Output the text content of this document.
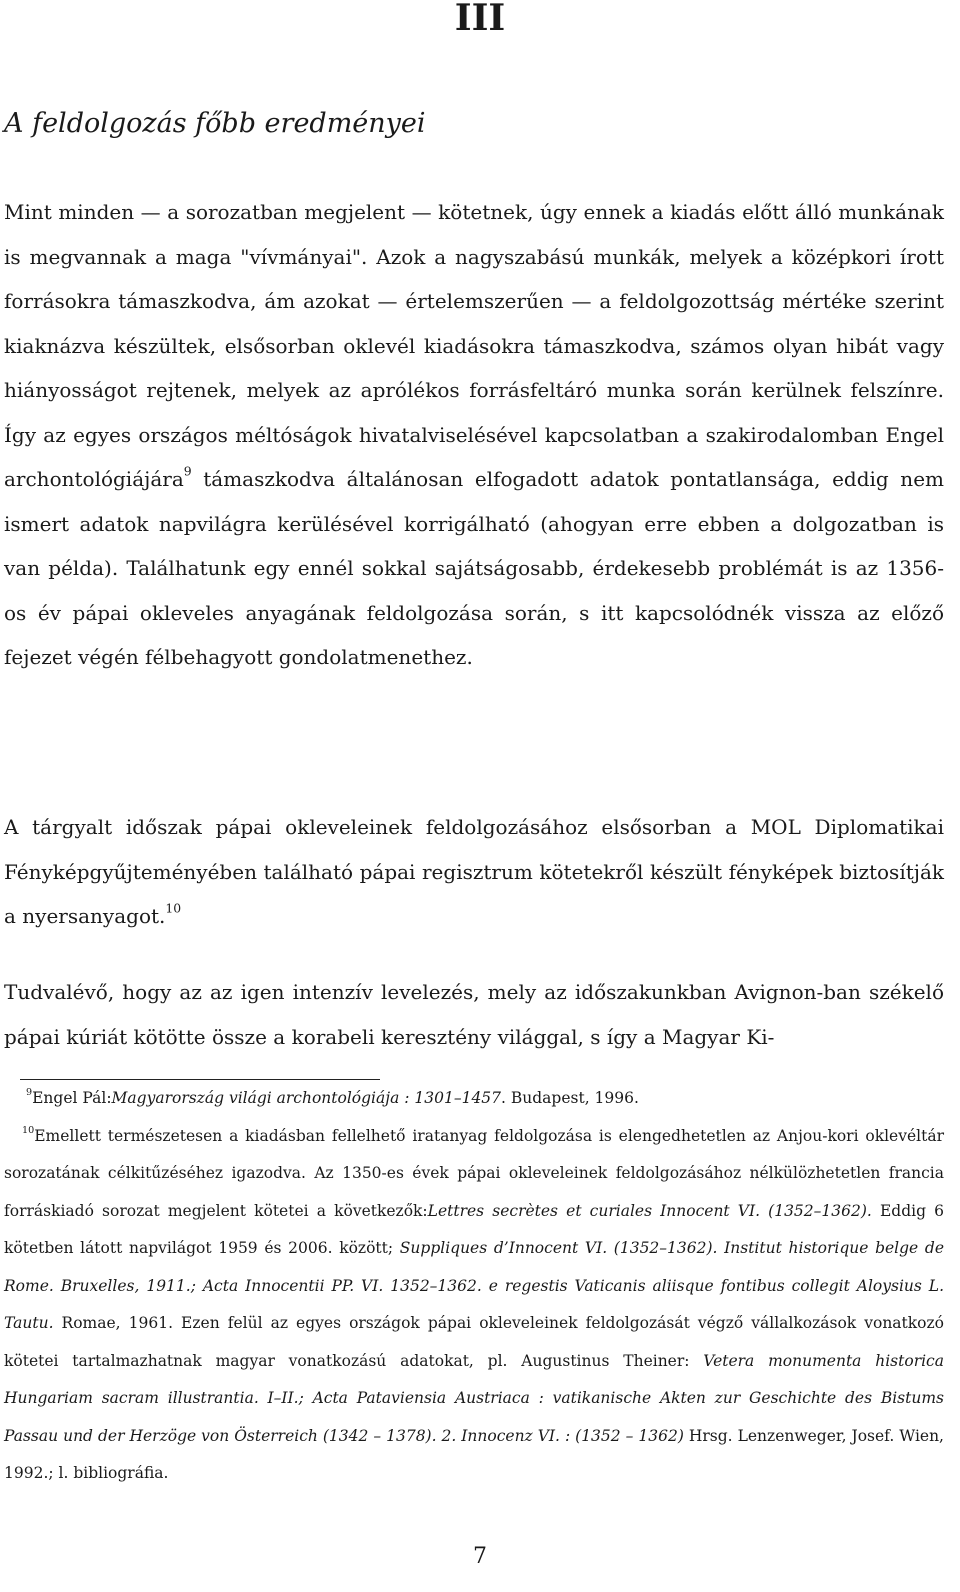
III
A feldolgozás főbb eredményei

Mint minden — a sorozatban megjelent — kötetnek, úgy ennek a kiadás előtt álló munkának is megvannak a maga "vívmányai". Azok a nagyszabású munkák, melyek a középkori írott forrásokra támaszkodva, ám azokat — értelemszerűen — a feldolgozottság mértéke szerint kiaknázva készültek, elsősorban oklevél kiadásokra támaszkodva, számos olyan hibát vagy hiányosságot rejtenek, melyek az aprólékos forrásfeltáró munka során kerülnek felszínre. Így az egyes országos méltóságok hivatalviselésével kapcsolatban a szakirodalomban Engel archontológiájára$^9$ támaszkodva általánosan elfogadott adatok pontatlansága, eddig nem ismert adatok napvilágra kerülésével korrigálható (ahogyan erre ebben a dolgozatban is van példa). Találhatunk egy ennél sokkal sajátságosabb, érdekesebb problémát is az 1356-os év pápai okleveles anyagának feldolgozása során, s itt kapcsolódnék vissza az előző fejezet végén félbehagyott gondolatmenethez.

A tárgyalt időszak pápai okleveleinek feldolgozásához elsősorban a MOL Diplomatikai Fényképgyűjteményében található pápai regisztrum kötetekről készült fényképek biztosítják a nyersanyagot.$^{10}$

Tudvalévő, hogy az az igen intenzív levelezés, mely az időszakunkban Avignon-ban székelő pápai kúriát kötötte össze a korabeli keresztény világgal, s így a Magyar Ki-

$^9$Engel Pál:Magyarország világi archontológiája : 1301–1457. Budapest, 1996.

$^{10}$Emellett természetesen a kiadásban fellelhető iratanyag feldolgozása is elengedhetetlen az Anjou-kori oklevéltár sorozatának célkitűzéséhez igazodva. Az 1350-es évek pápai okleveleinek feldolgozásához nélkülözhetetlen francia forráskiadó sorozat megjelent kötetei a következők:Lettres secrètes et curiales Innocent VI. (1352–1362). Eddig 6 kötetben látott napvilágot 1959 és 2006. között; Suppliques d’Innocent VI. (1352–1362). Institut historique belge de Rome. Bruxelles, 1911.; Acta Innocentii PP. VI. 1352–1362. e regestis Vaticanis aliisque fontibus collegit Aloysius L. Tautu. Romae, 1961. Ezen felül az egyes országok pápai okleveleinek feldolgozását végző vállalkozások vonatkozó kötetei tartalmazhatnak magyar vonatkozású adatokat, pl. Augustinus Theiner: Vetera monumenta historica Hungariam sacram illustrantia. I–II.; Acta Pataviensia Austriaca : vatikanische Akten zur Geschichte des Bistums Passau und der Herzöge von Österreich (1342 – 1378). 2. Innocenz VI. : (1352 – 1362) Hrsg. Lenzenweger, Josef. Wien, 1992.; l. bibliográfia.

7
